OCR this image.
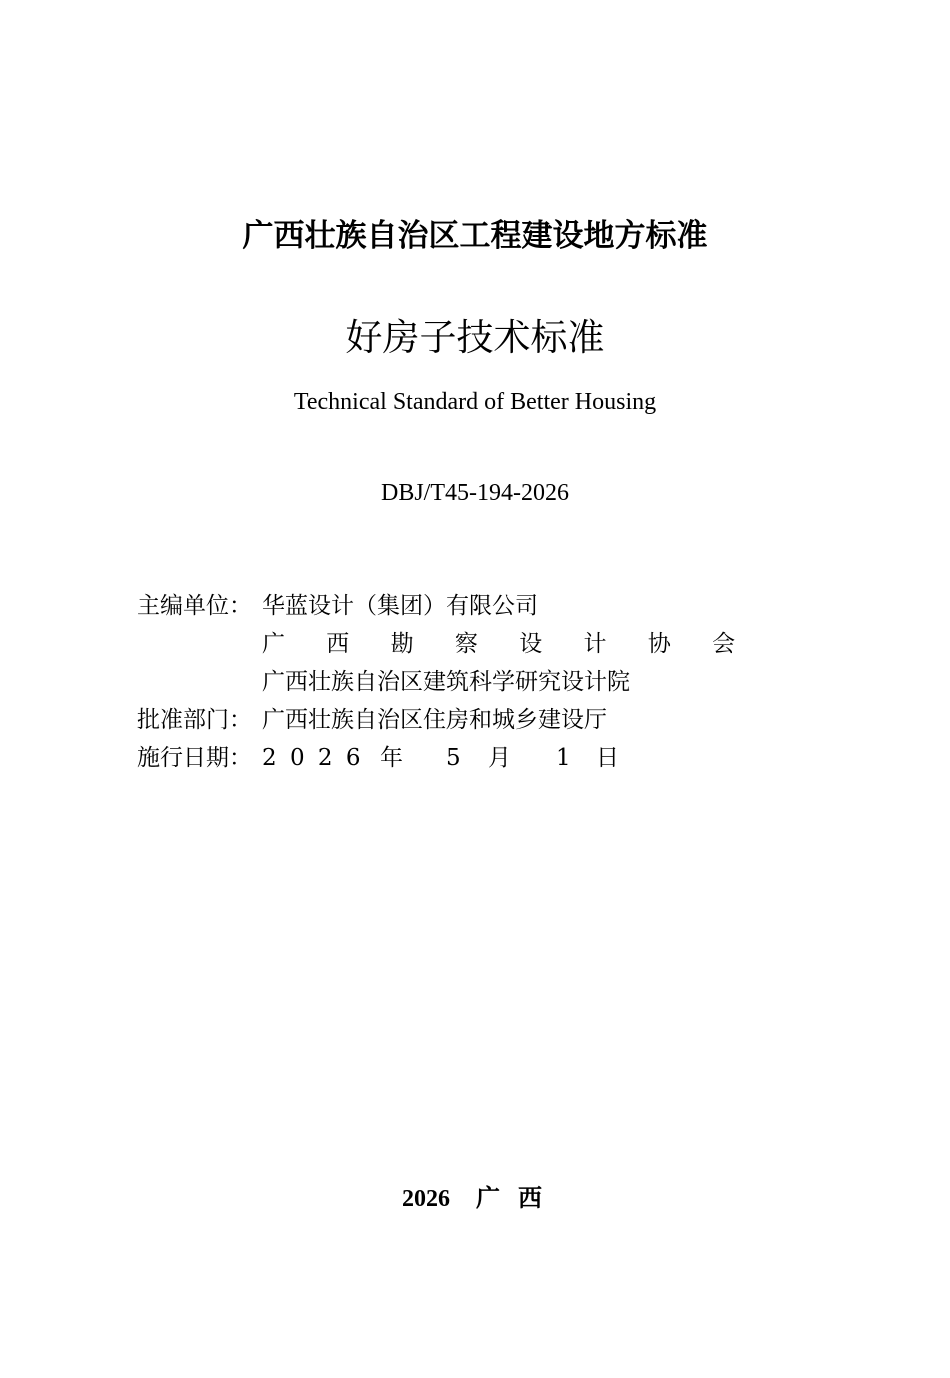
广西壮族自治区工程建设地方标准
好房子技术标准
Technical Standard of Better Housing
DBJ/T45-194-2026
主编单位： 华蓝设计（集团）有限公司
广 西 勘 察 设 计 协 会
广西壮族自治区建筑科学研究设计院
批准部门： 广西壮族自治区住房和城乡建设厅
施行日期： 2 0 2 6 年 5 月 1 日
2026 广 西
